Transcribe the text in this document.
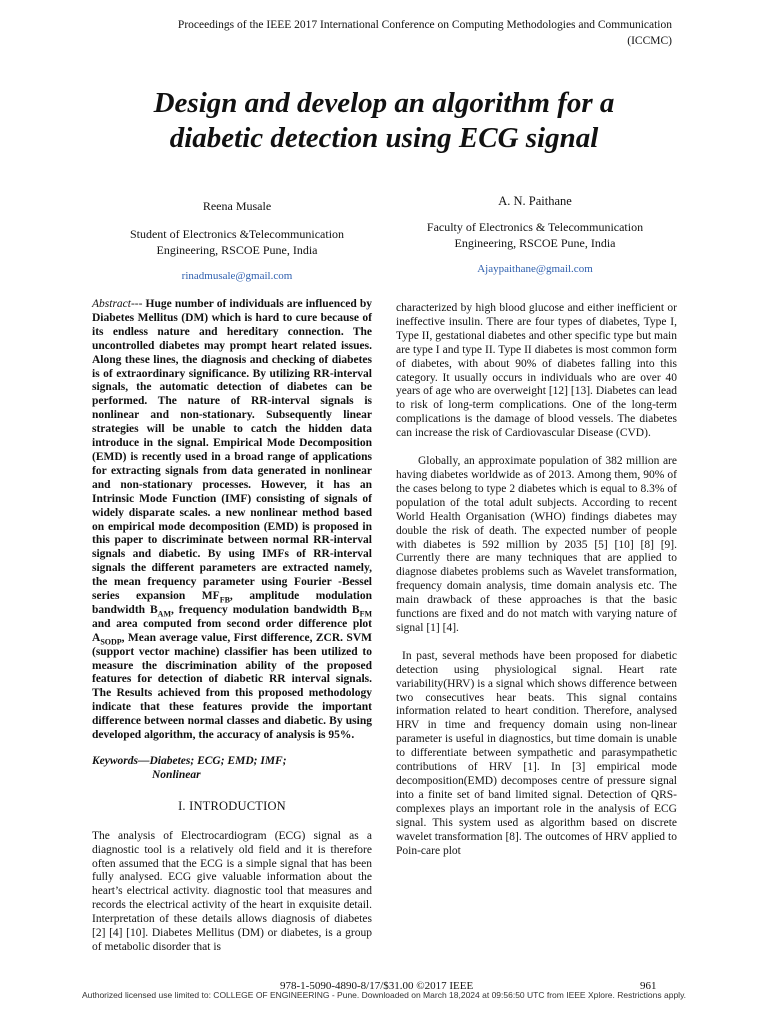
Proceedings of the IEEE 2017 International Conference on Computing Methodologies and Communication
(ICCMC)
Design and develop an algorithm for a
diabetic detection using ECG signal
Reena Musale
Student of Electronics &Telecommunication
Engineering, RSCOE Pune, India
rinadmusale@gmail.com
A. N. Paithane
Faculty of Electronics & Telecommunication
Engineering, RSCOE Pune, India
Ajaypaithane@gmail.com

Abstract--- Huge number of individuals are influenced by Diabetes Mellitus (DM) which is hard to cure because of its endless nature and hereditary connection. The uncontrolled diabetes may prompt heart related issues. Along these lines, the diagnosis and checking of diabetes is of extraordinary significance. By utilizing RR-interval signals, the automatic detection of diabetes can be performed. The nature of RR-interval signals is nonlinear and non-stationary. Subsequently linear strategies will be unable to catch the hidden data introduce in the signal. Empirical Mode Decomposition (EMD) is recently used in a broad range of applications for extracting signals from data generated in nonlinear and non-stationary processes. However, it has an Intrinsic Mode Function (IMF) consisting of signals of widely disparate scales. a new nonlinear method based on empirical mode decomposition (EMD) is proposed in this paper to discriminate between normal RR-interval signals and diabetic. By using IMFs of RR-interval signals the different parameters are extracted namely, the mean frequency parameter using Fourier -Bessel series expansion $MF_{FB}$, amplitude modulation bandwidth $B_{AM}$, frequency modulation bandwidth $B_{FM}$ and area computed from second order difference plot $A_{SODP}$, Mean average value, First difference, ZCR. SVM (support vector machine) classifier has been utilized to measure the discrimination ability of the proposed features for detection of diabetic RR interval signals. The Results achieved from this proposed methodology indicate that these features provide the important difference between normal classes and diabetic. By using developed algorithm, the accuracy of analysis is 95%.

Keywords—Diabetes; ECG; EMD; IMF;
Nonlinear

I. INTRODUCTION

The analysis of Electrocardiogram (ECG) signal as a diagnostic tool is a relatively old field and it is therefore often assumed that the ECG is a simple signal that has been fully analysed. ECG give valuable information about the heart’s electrical activity. diagnostic tool that measures and records the electrical activity of the heart in exquisite detail. Interpretation of these details allows diagnosis of diabetes [2] [4] [10]. Diabetes Mellitus (DM) or diabetes, is a group of metabolic disorder that is

characterized by high blood glucose and either inefficient or ineffective insulin. There are four types of diabetes, Type I, Type II, gestational diabetes and other specific type but main are type I and type II. Type II diabetes is most common form of diabetes, with about 90% of diabetes falling into this category. It usually occurs in individuals who are over 40 years of age who are overweight [12] [13]. Diabetes can lead to risk of long-term complications. One of the long-term complications is the damage of blood vessels. The diabetes can increase the risk of Cardiovascular Disease (CVD).

Globally, an approximate population of 382 million are having diabetes worldwide as of 2013. Among them, 90% of the cases belong to type 2 diabetes which is equal to 8.3% of population of the total adult subjects. According to recent World Health Organisation (WHO) findings diabetes may double the risk of death. The expected number of people with diabetes is 592 million by 2035 [5] [10] [8] [9]. Currently there are many techniques that are applied to diagnose diabetes problems such as Wavelet transformation, frequency domain analysis, time domain analysis etc. The main drawback of these approaches is that the basic functions are fixed and do not match with varying nature of signal [1] [4].

In past, several methods have been proposed for diabetic detection using physiological signal. Heart rate variability(HRV) is a signal which shows difference between two consecutives hear beats. This signal contains information related to heart condition. Therefore, analysed HRV in time and frequency domain using non-linear parameter is useful in diagnostics, but time domain is unable to differentiate between sympathetic and parasympathetic contributions of HRV [1]. In [3] empirical mode decomposition(EMD) decomposes centre of pressure signal into a finite set of band limited signal. Detection of QRS-complexes plays an important role in the analysis of ECG signal. This system used as algorithm based on discrete wavelet transformation [8]. The outcomes of HRV applied to Poin-care plot

978-1-5090-4890-8/17/$31.00 ©2017 IEEE	961
Authorized licensed use limited to: COLLEGE OF ENGINEERING - Pune. Downloaded on March 18,2024 at 09:56:50 UTC from IEEE Xplore. Restrictions apply.
